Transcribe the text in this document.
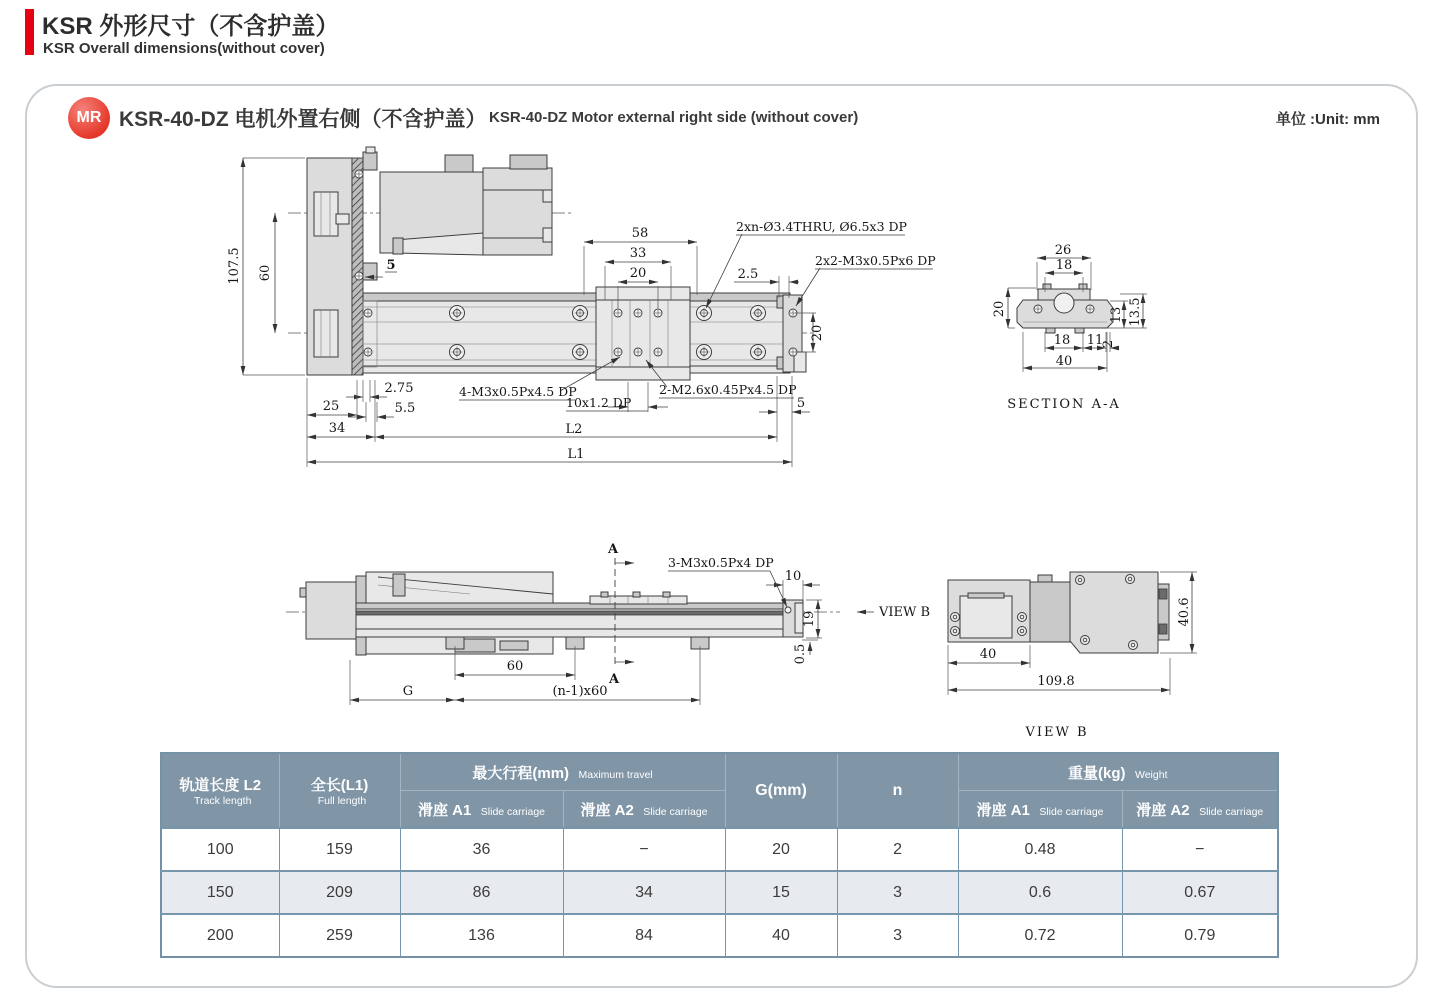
KSR 外形尺寸（不含护盖）
KSR Overall dimensions(without cover)
MR KSR-40-DZ 电机外置右侧（不含护盖） KSR-40-DZ Motor external right side (without cover)	单位 :Unit: mm
107.5 60	5
58
33
20	2.5
2xn-Ø3.4THRU, Ø6.5x3 DP
2x2-M3x0.5Px6 DP
20
2.75
25	5.5
34
4-M3x0.5Px4.5 DP
10x1.2 DP
2-M2.6x0.45Px4.5 DP
5
L2
L1
26
18
20	13 13.5
18 11
2
40
SECTION A-A
A
A
3-M3x0.5Px4 DP
10
19
0.5
60
G	(n-1)x60
VIEW B
40
109.8
40.6
VIEW B
轨道长度 L2
Track length

全长(L1)
Full length
	最大行程(mm) Maximum travel	G(mm)	n	重量(kg) Weight
		滑座 A1 Slide carriage	滑座 A2 Slide carriage			滑座 A1 Slide carriage	滑座 A2 Slide carriage
100	159	36	−	20	2	0.48	−
150	209	86	34	15	3	0.6	0.67
200	259	136	84	40	3	0.72	0.79
